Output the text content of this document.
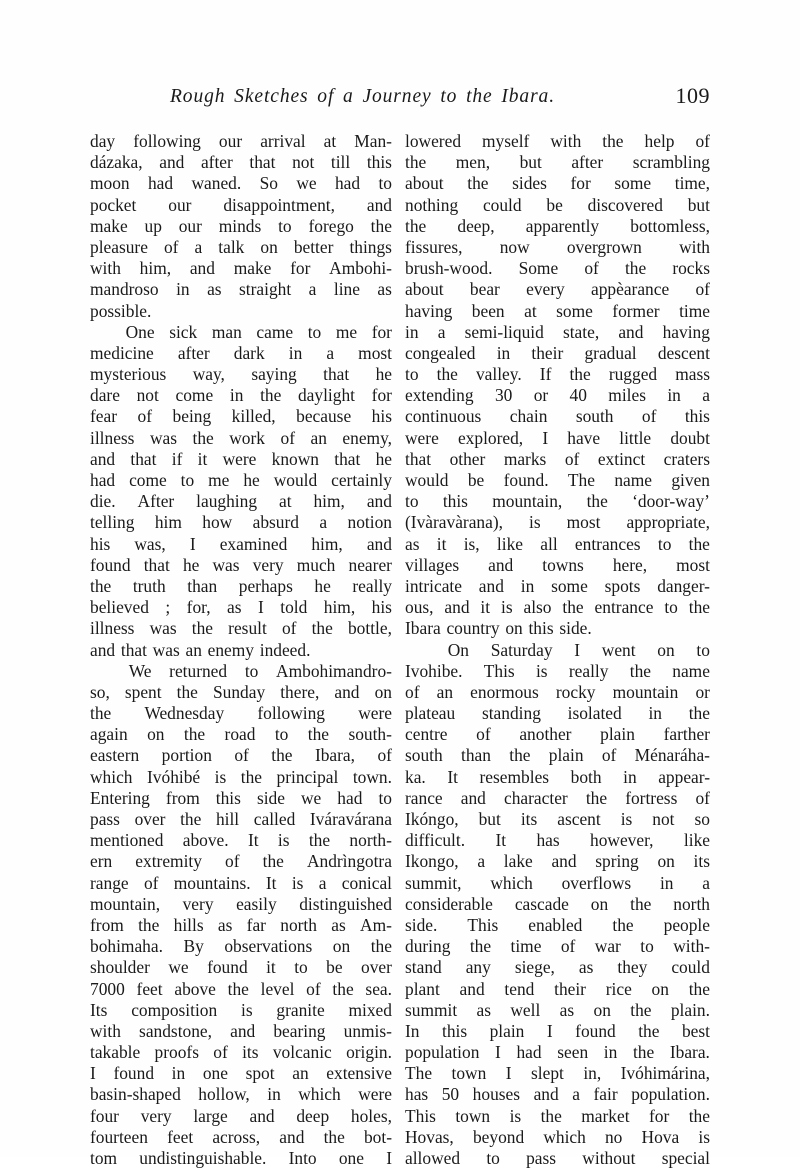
Rough Sketches of a Journey to the Ibara.	109
day following our arrival at Man-
dázaka, and after that not till this
moon had waned. So we had to
pocket our disappointment, and
make up our minds to forego the
pleasure of a talk on better things
with him, and make for Ambohi-
mandroso in as straight a line as
possible.
One sick man came to me for
medicine after dark in a most
mysterious way, saying that he
dare not come in the daylight for
fear of being killed, because his
illness was the work of an enemy,
and that if it were known that he
had come to me he would certainly
die. After laughing at him, and
telling him how absurd a notion
his was, I examined him, and
found that he was very much nearer
the truth than perhaps he really
believed ; for, as I told him, his
illness was the result of the bottle,
and that was an enemy indeed.
We returned to Ambohimandro-
so, spent the Sunday there, and on
the Wednesday following were
again on the road to the south-
eastern portion of the Ibara, of
which Ivóhibé is the principal town.
Entering from this side we had to
pass over the hill called Iváravárana
mentioned above. It is the north-
ern extremity of the Andrìngotra
range of mountains. It is a conical
mountain, very easily distinguished
from the hills as far north as Am-
bohimaha. By observations on the
shoulder we found it to be over
7000 feet above the level of the sea.
Its composition is granite mixed
with sandstone, and bearing unmis-
takable proofs of its volcanic origin.
I found in one spot an extensive
basin-shaped hollow, in which were
four very large and deep holes,
fourteen feet across, and the bot-
tom undistinguishable. Into one I
lowered myself with the help of
the men, but after scrambling
about the sides for some time,
nothing could be discovered but
the deep, apparently bottomless,
fissures, now overgrown with
brush-wood. Some of the rocks
about bear every appèarance of
having been at some former time
in a semi-liquid state, and having
congealed in their gradual descent
to the valley. If the rugged mass
extending 30 or 40 miles in a
continuous chain south of this
were explored, I have little doubt
that other marks of extinct craters
would be found. The name given
to this mountain, the ‘door-way’
(Ivàravàrana), is most appropriate,
as it is, like all entrances to the
villages and towns here, most
intricate and in some spots danger-
ous, and it is also the entrance to the
Ibara country on this side.
On Saturday I went on to
Ivohibe. This is really the name
of an enormous rocky mountain or
plateau standing isolated in the
centre of another plain farther
south than the plain of Ménaráha-
ka. It resembles both in appear-
rance and character the fortress of
Ikóngo, but its ascent is not so
difficult. It has however, like
Ikongo, a lake and spring on its
summit, which overflows in a
considerable cascade on the north
side. This enabled the people
during the time of war to with-
stand any siege, as they could
plant and tend their rice on the
summit as well as on the plain.
In this plain I found the best
population I had seen in the Ibara.
The town I slept in, Ivóhimárina,
has 50 houses and a fair population.
This town is the market for the
Hovas, beyond which no Hova is
allowed to pass without special
